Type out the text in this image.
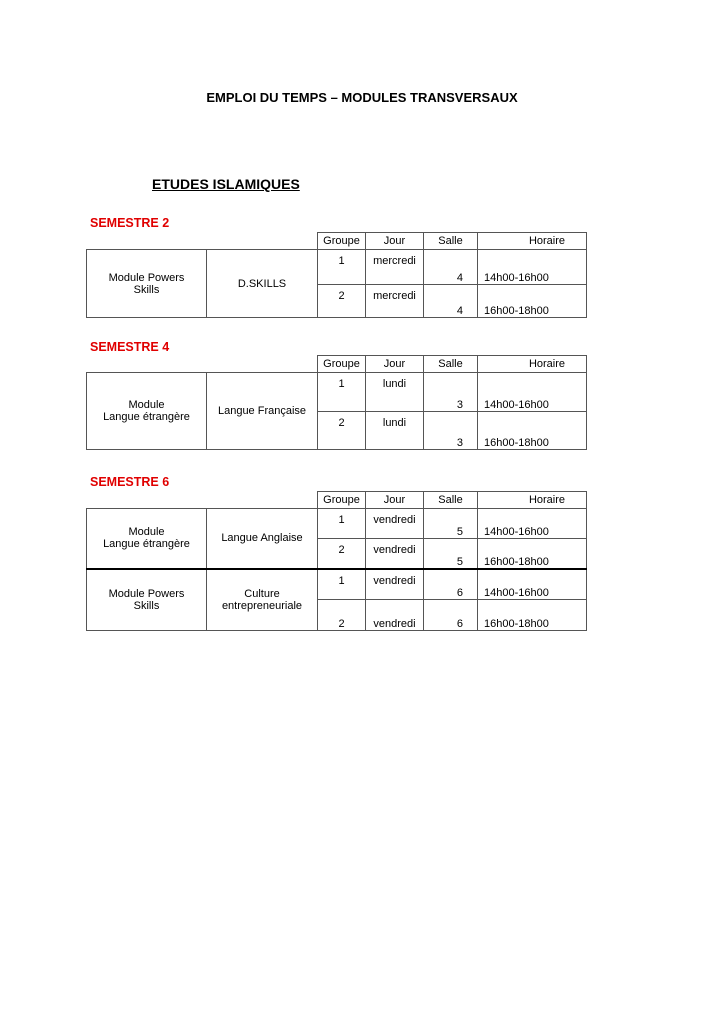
EMPLOI DU TEMPS – MODULES TRANSVERSAUX
ETUDES ISLAMIQUES
SEMESTRE 2
		Groupe	Jour	Salle	Horaire
Module Powers Skills	D.SKILLS	1	mercredi	4	14h00-16h00
		2	mercredi	4	16h00-18h00
SEMESTRE 4
		Groupe	Jour	Salle	Horaire

Module
Langue étrangère	Langue Française	1	lundi	3	14h00-16h00
		2	lundi	3	16h00-18h00
SEMESTRE 6
		Groupe	Jour	Salle	Horaire

Module
Langue étrangère	Langue Anglaise	1	vendredi	5	14h00-16h00
		2	vendredi	5	16h00-18h00
Module Powers Skills	Culture entrepreneuriale	1	vendredi	6	14h00-16h00
		2	vendredi	6	16h00-18h00
